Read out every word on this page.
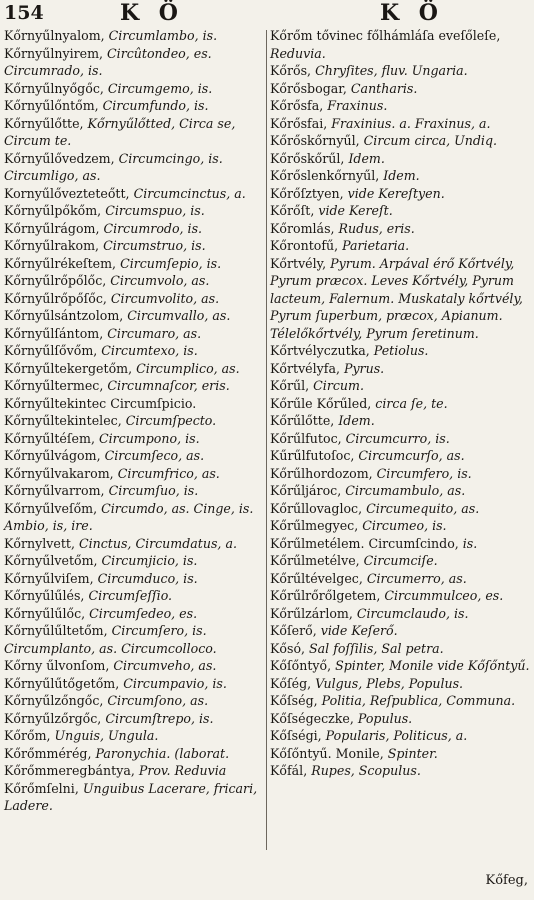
154	K Ö	K Ö
Kőrnyűlnyalom, Circumlambo, is.
Kőrnyűlnyirem, Circûtondeo, es. Circumrado, is.
Kőrnyűlnyőgőc, Circumgemo, is.
Kőrnyűlőntőm, Circumfundo, is.
Kőrnyűlőtte, Kőrnyűlőtted, Circa se, Circum te.
Kőrnyűlővedzem, Circumcingo, is. Circumligo, as.
Kornyűlővezteteőtt, Circumcinctus, a.
Kőrnyűlpőkőm, Circumspuo, is.
Kőrnyűlrágom, Circumrodo, is.
Kőrnyűlrakom, Circumstruo, is.
Kőrnyűlrékeſtem, Circumſepio, is.
Kőrnyűlrőpőlőc, Circumvolo, as.
Kőrnyűlrőpőſőc, Circumvolito, as.
Kőrnyűlsántzolom, Circumvallo, as.
Kőrnyűlſántom, Circumaro, as.
Kőrnyűlſővőm, Circumtexo, is.
Kőrnyűltekergetőm, Circumplico, as.
Kőrnyűltermec, Circumnaſcor, eris.
Kőrnyűltekintec Circumſpicio.
Kőrnyűltekintelec, Circumſpecto.
Kőrnyűltéſem, Circumpono, is.
Kőrnyűlvágom, Circumſeco, as.
Kőrnyűlvakarom, Circumfrico, as.
Kőrnyűlvarrom, Circumſuo, is.
Kőrnyűlveſőm, Circumdo, as. Cinge, is. Ambio, is, ire.
Kőrnylvett, Cinctus, Circumdatus, a.
Kőrnyűlvetőm, Circumjicio, is.
Kőrnyűlviſem, Circumduco, is.
Kőrnyűlűlés, Circumſeſſio.
Kőrnyűlűlőc, Circumſedeo, es.
Kőrnyűlűltetőm, Circumſero, is. Circumplanto, as. Circumcolloco.
Kőrny űlvonſom, Circumveho, as.
Kőrnyűlűtőgetőm, Circumpavio, is.
Kőrnyűlzőngőc, Circumſono, as.
Kőrnyűlzőrgőc, Circumſtrepo, is.
Kőrőm, Unguis, Ungula.
Kőrőmmérég, Paronychia. (laborat.
Kőrőmmeregbántya, Prov. Reduvia
Kőrőmſelni, Unguibus Lacerare, fricari, Ladere.
Kőrőm tővinec főlhámláſa eveſőleſe, Reduvia.
Kőrős, Chryſites, fluv. Ungaria.
Kőrősbogar, Cantharis.
Kőrősfa, Fraxinus.
Kőrősfai, Fraxinius. a. Fraxinus, a.
Kőrőskőrnyűl, Circum circa, Undiq.
Kőrőskőrűl, Idem.
Kőrőslenkőrnyűl, Idem.
Kőrőſztyen, vide Kereſtyen.
Kőrőſt, vide Kereſt.
Kőromlás, Rudus, eris.
Kőrontofű, Parietaria.
Kőrtvély, Pyrum. Arpával érő Kőrtvély, Pyrum præcox. Leves Kőrtvély, Pyrum lacteum, Falernum. Muskataly kőrtvély, Pyrum ſuperbum, præcox, Apianum. Télelőkőrtvély, Pyrum ſeretinum.
Kőrtvélyczutka, Petiolus.
Kőrtvélyfa, Pyrus.
Kőrűl, Circum.
Kőrűle Kőrűled, circa ſe, te.
Kőrűlőtte, Idem.
Kőrűlfutoc, Circumcurro, is.
Kűrűlfutoſoc, Circumcurſo, as.
Kőrűlhordozom, Circumfero, is.
Kőrűljároc, Circumambulo, as.
Kőrűllovagloc, Circumequito, as.
Kőrűlmegyec, Circumeo, is.
Kőrűlmetélem. Circumſcindo, is.
Kőrűlmetélve, Circumciſe.
Kőrűltévelgec, Circumerro, as.
Kőrűlrőrőlgetem, Circummulceo, es.
Kőrűlzárlom, Circumclaudo, is.
Kőſerő, vide Keſerő.
Kősó, Sal foſſilis, Sal petra.
Kőſőntyő, Spinter, Monile vide Kőſőntyű.
Kőſég, Vulgus, Plebs, Populus.
Kőſség, Politia, Reſpublica, Communa.
Kőſségeczke, Populus.
Kőſségi, Popularis, Politicus, a.
Kőſőntyű. Monile, Spinter.
Kőfál, Rupes, Scopulus.
Kőfeg,
